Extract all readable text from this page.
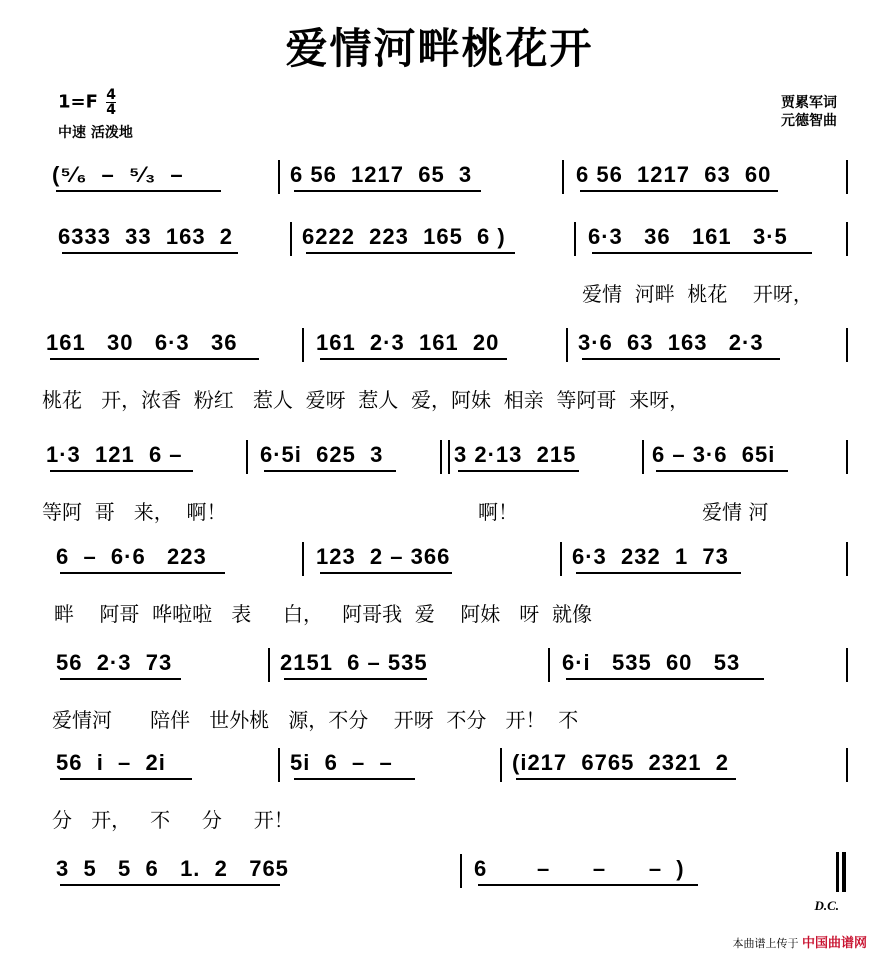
爱情河畔桃花开
$1=F \frac{4}{4}$
中速 活泼地
贾累军词
元德智曲
(⁵⁄₆  –  ⁵⁄₃  –	6 56  1217  65  3	6 56  1217  63  60
6333  33  163  2	6222  223  165  6 )	6·3   36   161   3·5
爱情  河畔  桃花    开呀，
161   30   6·3   36	161  2·3  161  20	3·6  63  163   2·3
桃花   开，浓香  粉红   惹人  爱呀  惹人  爱，阿妹  相亲  等阿哥  来呀，
1·3  121  6 –	6·5i  625  3	3 2·13  215	6 – 3·6  65i
等阿  哥   来，  啊！	啊！	爱情 河
6  –  6·6   223	123  2 – 366	6·3  232  1  73
畔    阿哥  哗啦啦   表     白，   阿哥我  爱    阿妹   呀  就像
56  2·3  73	2151  6 – 535	6·i   535  60   53
爱情河      陪伴   世外桃   源，不分    开呀  不分   开！  不
56  i  –  2i	5i  6  –  –	(i217  6765  2321  2
分   开，   不     分     开！
3  5   5  6   1.  2   765	6       –      –      –  )
D.C.
本曲谱上传于 中国曲谱网
